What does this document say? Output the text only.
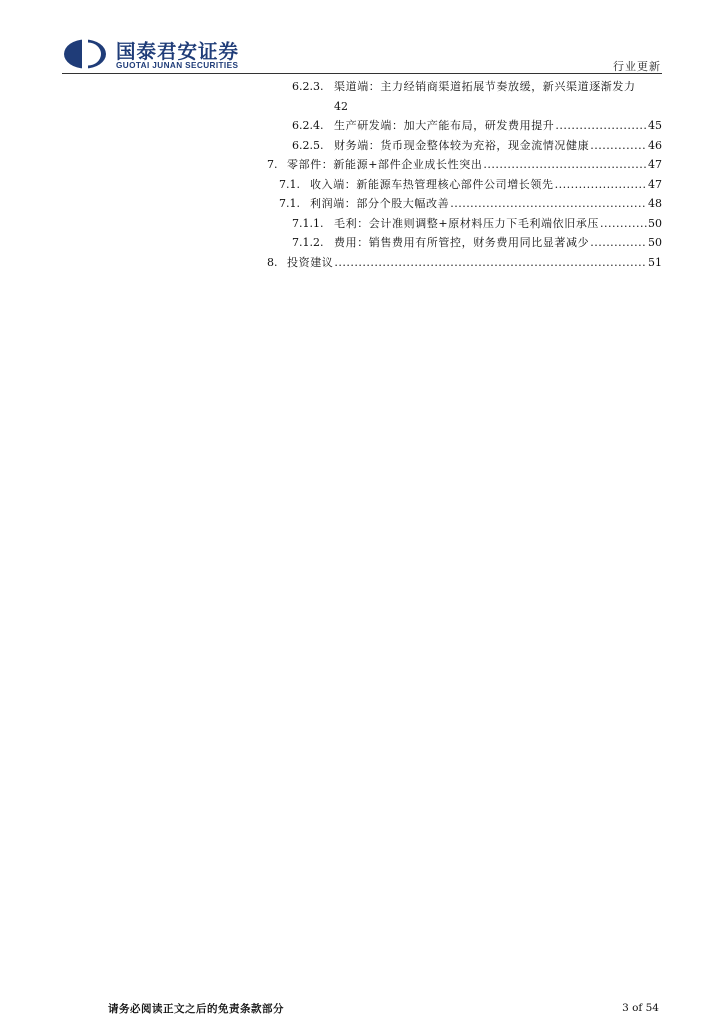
国泰君安证券
GUOTAI JUNAN SECURITIES	行业更新
6.2.3. 渠道端：主力经销商渠道拓展节奏放缓，新兴渠道逐渐发力
42
6.2.4. 生产研发端：加大产能布局，研发费用提升 .....	45
6.2.5. 财务端：货币现金整体较为充裕，现金流情况健康 .....	46
7. 零部件：新能源+部件企业成长性突出 .....	47
7.1. 收入端：新能源车热管理核心部件公司增长领先 .....	47
7.1. 利润端：部分个股大幅改善 .....	48
7.1.1. 毛利：会计准则调整+原材料压力下毛利端依旧承压 .....	50
7.1.2. 费用：销售费用有所管控，财务费用同比显著减少 .....	50
8. 投资建议 .....	51
请务必阅读正文之后的免责条款部分	3 of 54
